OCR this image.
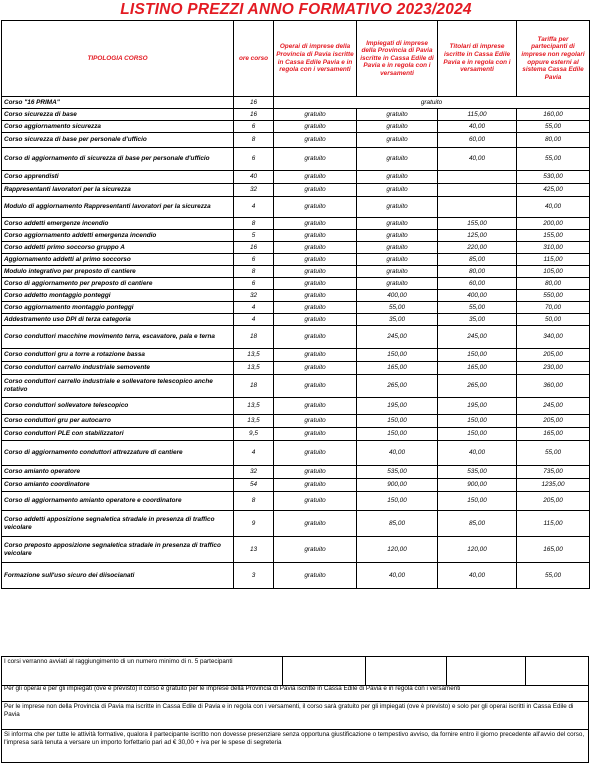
LISTINO PREZZI ANNO FORMATIVO 2023/2024
TIPOLOGIA CORSO	ore corso	Operai di imprese della Provincia di Pavia iscritte in Cassa Edile Pavia e in regola con i versamenti	Impiegati di imprese della Provincia di Pavia iscritte in Cassa Edile di Pavia e in regola con i versamenti	Titolari di imprese iscritte in Cassa Edile Pavia e in regola con i versamenti	Tariffa per partecipanti di imprese non regolari oppure esterni al sistema Cassa Edile Pavia
Corso "16 PRIMA"	16	gratuito			
Corso sicurezza di base	16	gratuito	gratuito	115,00	160,00
Corso aggiornamento sicurezza	6	gratuito	gratuito	40,00	55,00
Corso sicurezza di base per personale d'ufficio	8	gratuito	gratuito	60,00	80,00
Corso di aggiornamento di sicurezza di base per personale d'ufficio	6	gratuito	gratuito	40,00	55,00
Corso apprendisti	40	gratuito	gratuito		530,00
Rappresentanti lavoratori per la sicurezza	32	gratuito	gratuito		425,00
Modulo di aggiornamento Rappresentanti lavoratori per la sicurezza	4	gratuito	gratuito		40,00
Corso addetti emergenze incendio	8	gratuito	gratuito	155,00	200,00
Corso aggiornamento addetti emergenza incendio	5	gratuito	gratuito	125,00	155,00
Corso addetti primo soccorso gruppo A	16	gratuito	gratuito	220,00	310,00
Aggiornamento addetti al primo soccorso	6	gratuito	gratuito	85,00	115,00
Modulo integrativo per preposto di cantiere	8	gratuito	gratuito	80,00	105,00
Corso di aggiornamento per preposto di cantiere	6	gratuito	gratuito	60,00	80,00
Corso addetto montaggio ponteggi	32	gratuito	400,00	400,00	550,00
Corso aggiornamento montaggio ponteggi	4	gratuito	55,00	55,00	70,00
Addestramento uso DPI di terza categoria	4	gratuito	35,00	35,00	50,00
Corso conduttori macchine movimento terra, escavatore, pala e terna	18	gratuito	245,00	245,00	340,00
Corso conduttori gru a torre a rotazione bassa	13,5	gratuito	150,00	150,00	205,00
Corso conduttori carrello industriale semovente	13,5	gratuito	165,00	165,00	230,00
Corso conduttori carrello industriale e sollevatore telescopico anche rotativo	18	gratuito	265,00	265,00	360,00
Corso conduttori sollevatore telescopico	13,5	gratuito	195,00	195,00	245,00
Corso conduttori gru per autocarro	13,5	gratuito	150,00	150,00	205,00
Corso conduttori PLE con stabilizzatori	9,5	gratuito	150,00	150,00	165,00
Corso di aggiornamento conduttori attrezzature di cantiere	4	gratuito	40,00	40,00	55,00
Corso amianto operatore	32	gratuito	535,00	535,00	735,00
Corso amianto coordinatore	54	gratuito	900,00	900,00	1235,00
Corso di aggiornamento amianto operatore e coordinatore	8	gratuito	150,00	150,00	205,00
Corso addetti apposizione segnaletica stradale in presenza di traffico veicolare	9	gratuito	85,00	85,00	115,00
Corso preposto apposizione segnaletica stradale in presenza di traffico veicolare	13	gratuito	120,00	120,00	165,00
Formazione sull'uso sicuro dei diisocianati	3	gratuito	40,00	40,00	55,00
I corsi verranno avviati al raggiungimento di un numero minimo di n. 5 partecipanti
Per gli operai e per gli impiegati (ove è previsto) il corso è gratuito per le imprese della Provincia di Pavia iscritte in Cassa Edile di Pavia e in regola con i versamenti
Per le imprese non della Provincia di Pavia ma iscritte in Cassa Edile di Pavia e in regola con i versamenti, il corso sarà gratuito per gli impiegati (ove è previsto) e solo per gli operai iscritti in Cassa Edile di Pavia
Si informa che per tutte le attività formative, qualora il partecipante iscritto non dovesse presenziare senza opportuna giustificazione o tempestivo avviso, da fornire entro il giorno precedente all'avvio del corso, l'impresa sarà tenuta a versare un importo forfettario pari ad € 30,00 + iva per le spese di segreteria
